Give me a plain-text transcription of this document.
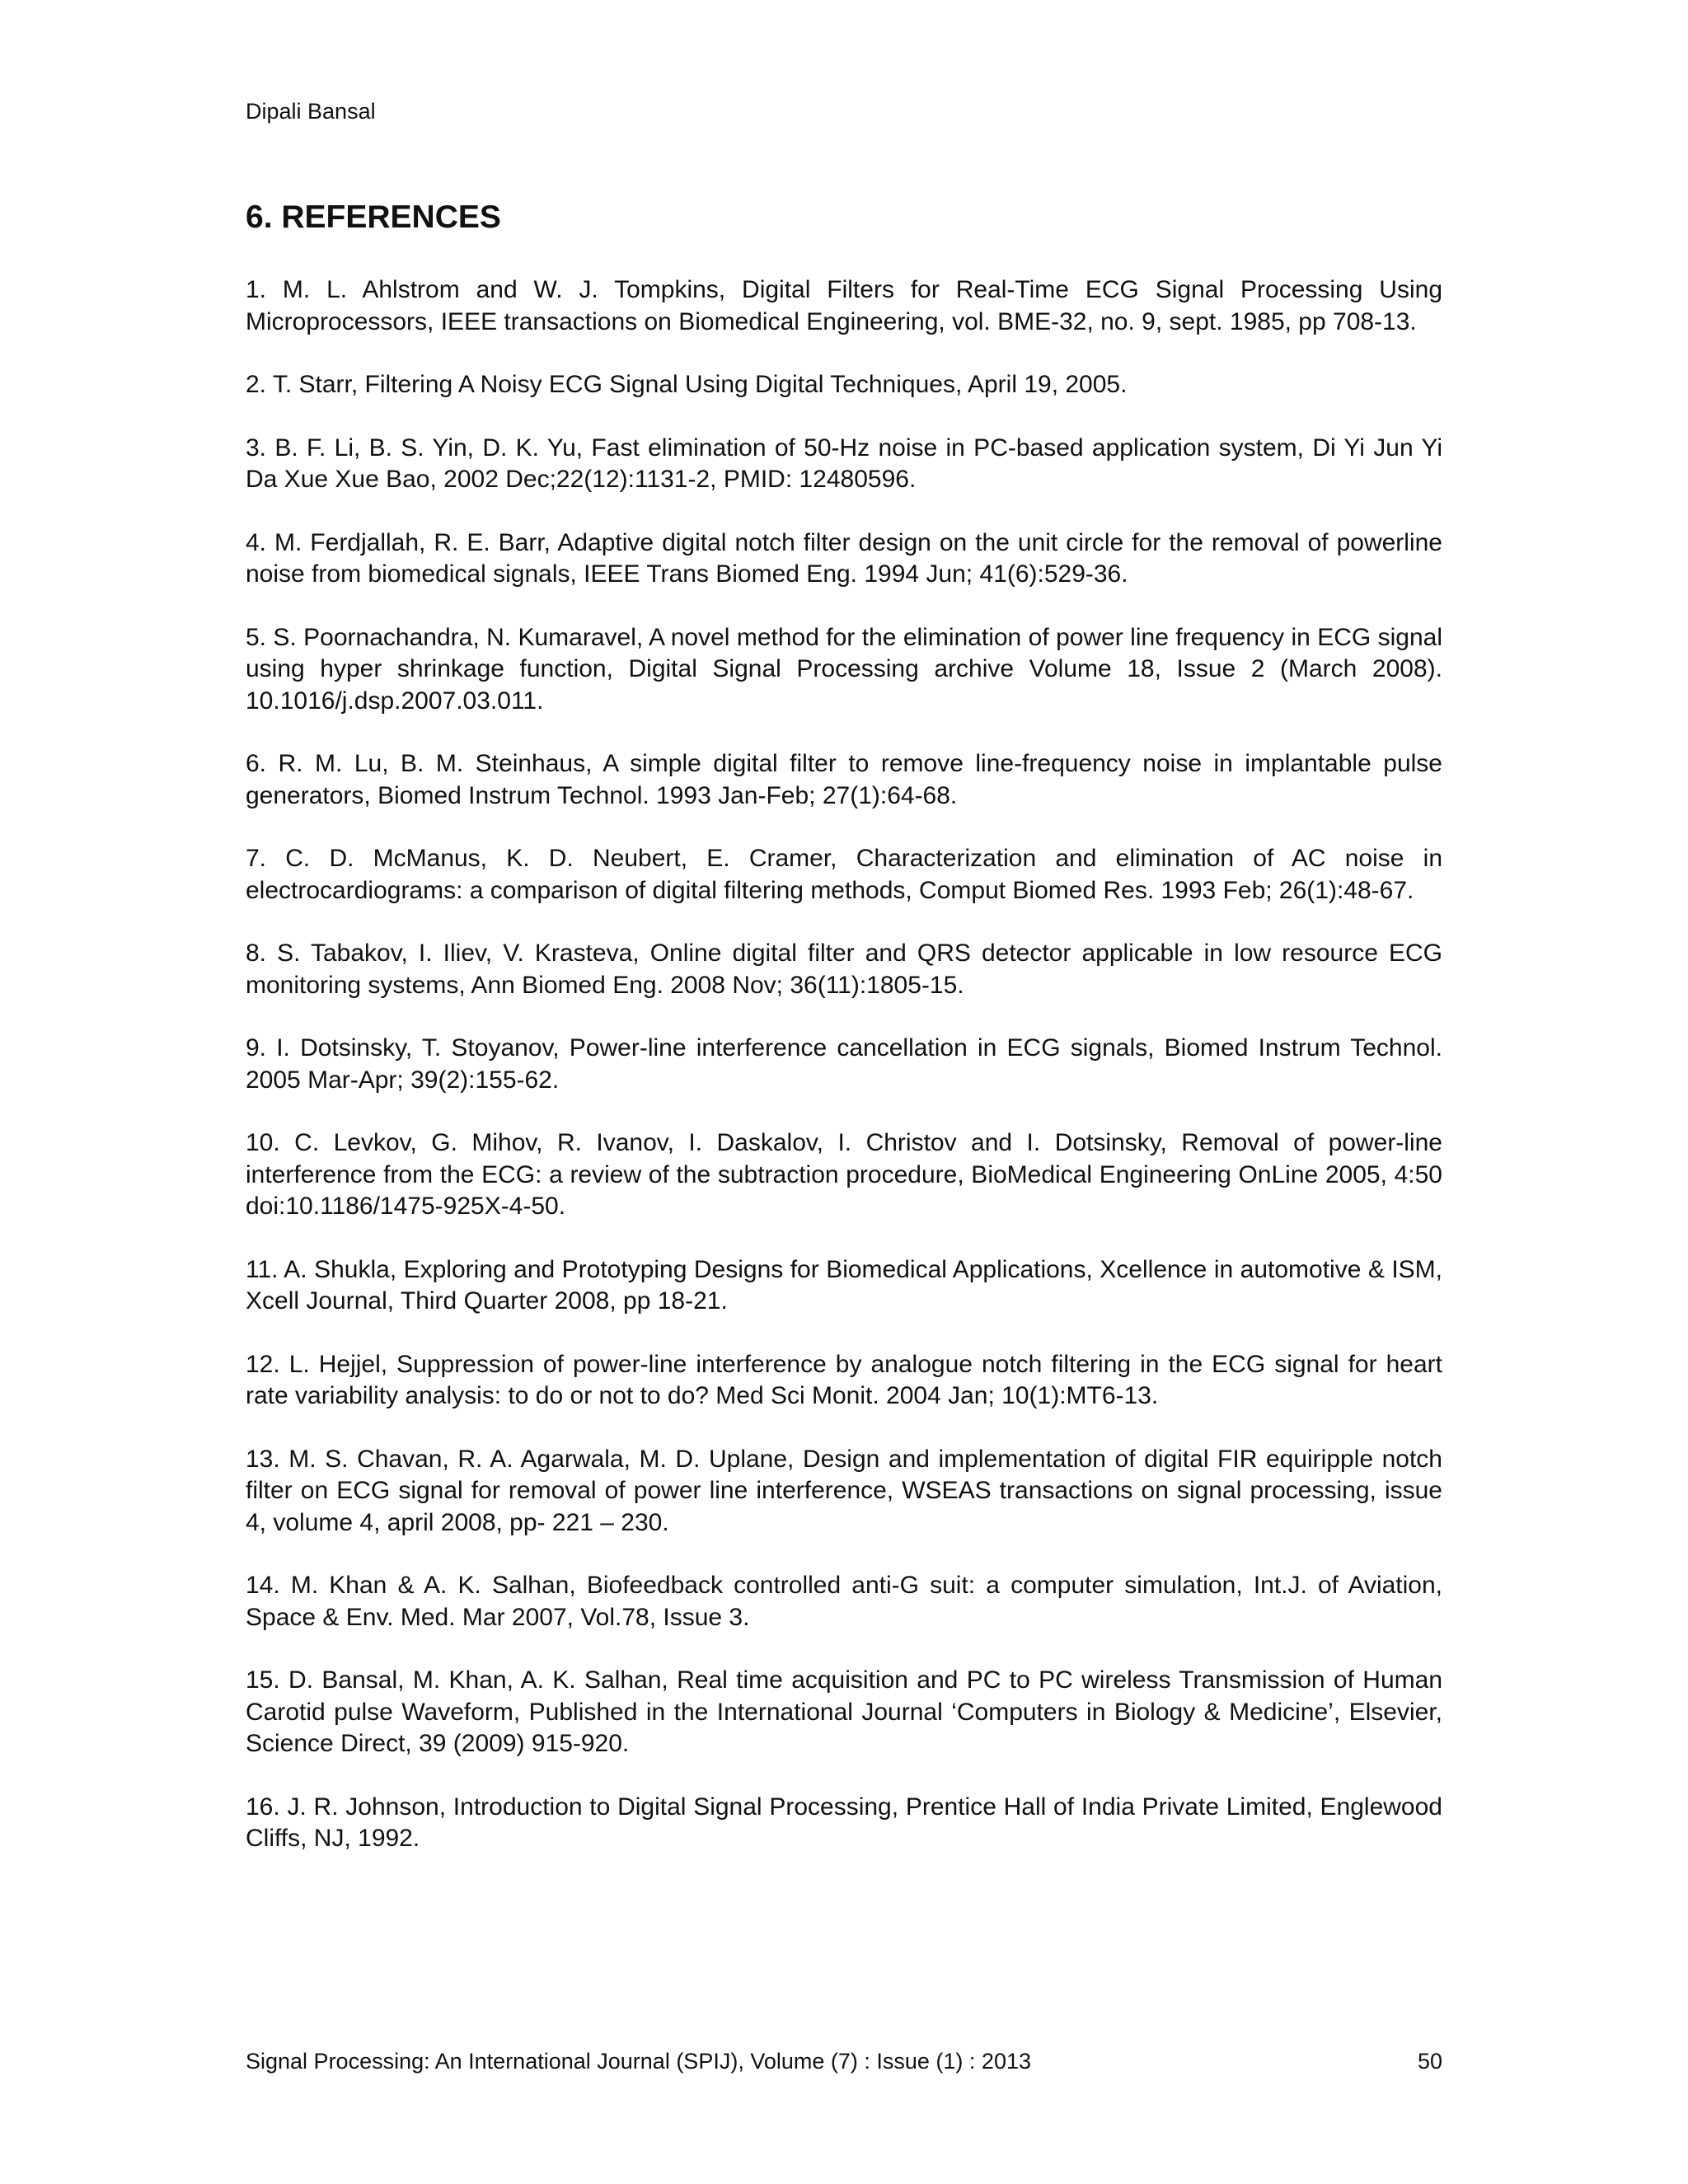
Dipali Bansal
6. REFERENCES
1. M. L. Ahlstrom and W. J. Tompkins, Digital Filters for Real-Time ECG Signal Processing Using Microprocessors, IEEE transactions on Biomedical Engineering, vol. BME-32, no. 9, sept. 1985, pp 708-13.
2. T. Starr, Filtering A Noisy ECG Signal Using Digital Techniques, April 19, 2005.
3. B. F. Li, B. S. Yin, D. K. Yu, Fast elimination of 50-Hz noise in PC-based application system, Di Yi Jun Yi Da Xue Xue Bao, 2002 Dec;22(12):1131-2, PMID: 12480596.
4. M. Ferdjallah, R. E. Barr, Adaptive digital notch filter design on the unit circle for the removal of powerline noise from biomedical signals, IEEE Trans Biomed Eng. 1994 Jun; 41(6):529-36.
5. S. Poornachandra, N. Kumaravel, A novel method for the elimination of power line frequency in ECG signal using hyper shrinkage function, Digital Signal Processing archive Volume 18, Issue 2 (March 2008). 10.1016/j.dsp.2007.03.011.
6. R. M. Lu, B. M. Steinhaus, A simple digital filter to remove line-frequency noise in implantable pulse generators, Biomed Instrum Technol. 1993 Jan-Feb; 27(1):64-68.
7. C. D. McManus, K. D. Neubert, E. Cramer, Characterization and elimination of AC noise in electrocardiograms: a comparison of digital filtering methods, Comput Biomed Res. 1993 Feb; 26(1):48-67.
8. S. Tabakov, I. Iliev, V. Krasteva, Online digital filter and QRS detector applicable in low resource ECG monitoring systems, Ann Biomed Eng. 2008 Nov; 36(11):1805-15.
9. I. Dotsinsky, T. Stoyanov, Power-line interference cancellation in ECG signals, Biomed Instrum Technol. 2005 Mar-Apr; 39(2):155-62.
10. C. Levkov, G. Mihov, R. Ivanov, I. Daskalov, I. Christov and I. Dotsinsky, Removal of power-line interference from the ECG: a review of the subtraction procedure, BioMedical Engineering OnLine 2005, 4:50 doi:10.1186/1475-925X-4-50.
11. A. Shukla, Exploring and Prototyping Designs for Biomedical Applications, Xcellence in automotive & ISM, Xcell Journal, Third Quarter 2008, pp 18-21.
12. L. Hejjel, Suppression of power-line interference by analogue notch filtering in the ECG signal for heart rate variability analysis: to do or not to do? Med Sci Monit. 2004 Jan; 10(1):MT6-13.
13. M. S. Chavan, R. A. Agarwala, M. D. Uplane, Design and implementation of digital FIR equiripple notch filter on ECG signal for removal of power line interference, WSEAS transactions on signal processing, issue 4, volume 4, april 2008, pp- 221 – 230.
14. M. Khan & A. K. Salhan, Biofeedback controlled anti-G suit: a computer simulation, Int.J. of Aviation, Space & Env. Med. Mar 2007, Vol.78, Issue 3.
15. D. Bansal, M. Khan, A. K. Salhan, Real time acquisition and PC to PC wireless Transmission of Human Carotid pulse Waveform, Published in the International Journal ‘Computers in Biology & Medicine’, Elsevier, Science Direct, 39 (2009) 915-920.
16. J. R. Johnson, Introduction to Digital Signal Processing, Prentice Hall of India Private Limited, Englewood Cliffs, NJ, 1992.
Signal Processing: An International Journal (SPIJ), Volume (7) : Issue (1) : 2013	50
